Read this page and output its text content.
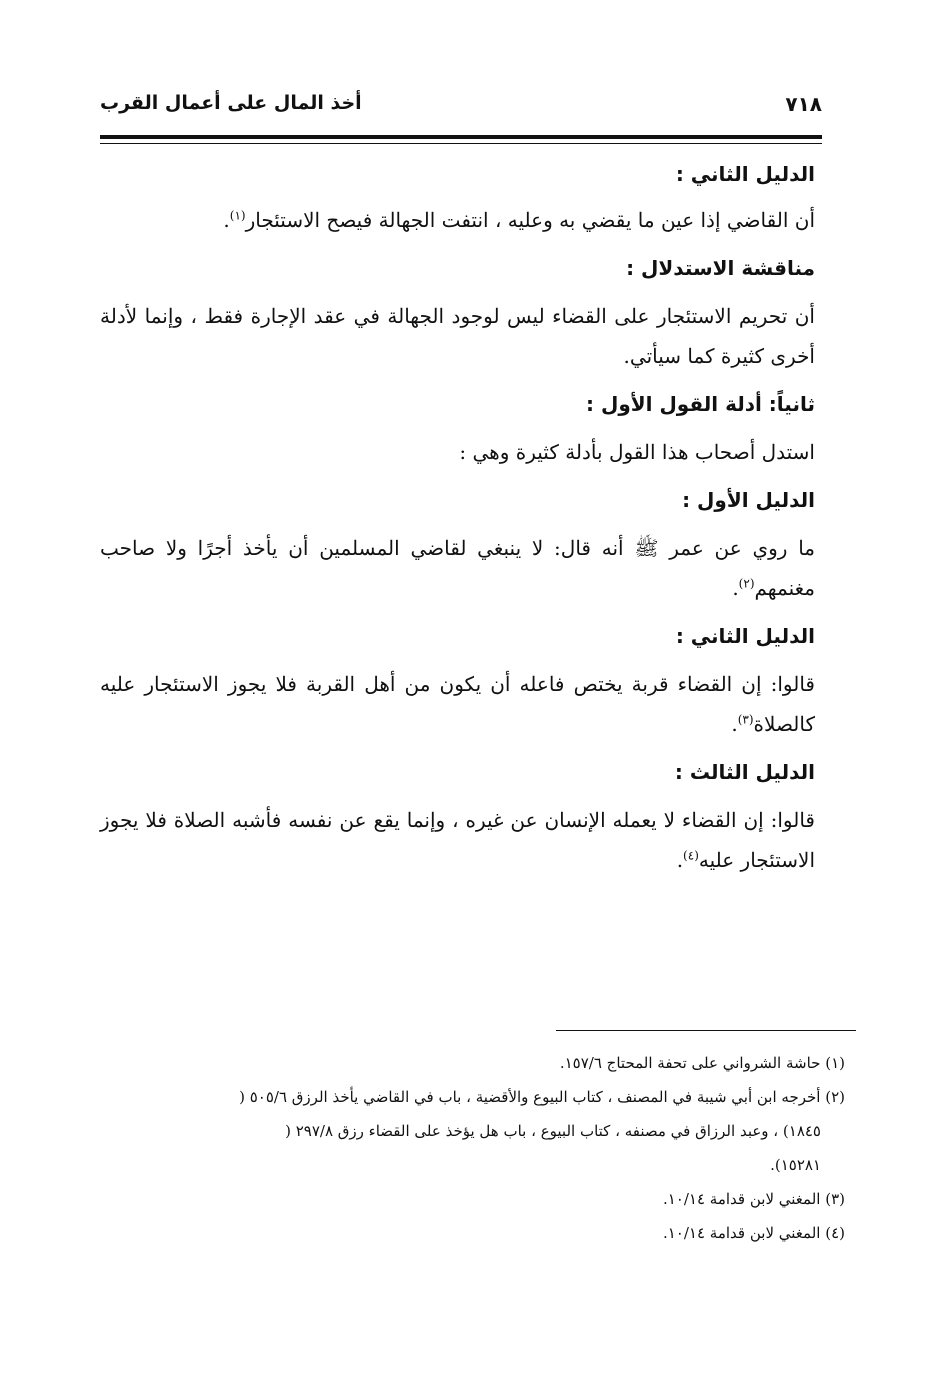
٧١٨
أخذ المال على أعمال القرب

الدليل الثاني :

أن القاضي إذا عين ما يقضي به وعليه ، انتفت الجهالة فيصح الاستئجار$^{(١)}$.

مناقشة الاستدلال :

أن تحريم الاستئجار على القضاء ليس لوجود الجهالة في عقد الإجارة فقط ، وإنما لأدلة أخرى كثيرة كما سيأتي.

ثانياً: أدلة القول الأول :

استدل أصحاب هذا القول بأدلة كثيرة وهي :

الدليل الأول :

ما روي عن عمر ﷺ أنه قال: لا ينبغي لقاضي المسلمين أن يأخذ أجرًا ولا صاحب مغنمهم$^{(٢)}$.

الدليل الثاني :

قالوا: إن القضاء قربة يختص فاعله أن يكون من أهل القربة فلا يجوز الاستئجار عليه كالصلاة$^{(٣)}$.

الدليل الثالث :

قالوا: إن القضاء لا يعمله الإنسان عن غيره ، وإنما يقع عن نفسه فأشبه الصلاة فلا يجوز الاستئجار عليه$^{(٤)}$.

(١) حاشة الشرواني على تحفة المحتاج ١٥٧/٦.

(٢) أخرجه ابن أبي شيبة في المصنف ، كتاب البيوع والأقضية ، باب في القاضي يأخذ الرزق ٥٠٥/٦ (

١٨٤٥) ، وعبد الرزاق في مصنفه ، كتاب البيوع ، باب هل يؤخذ على القضاء رزق ٢٩٧/٨ (

١٥٢٨١).

(٣) المغني لابن قدامة ١٠/١٤.

(٤) المغني لابن قدامة ١٠/١٤.
